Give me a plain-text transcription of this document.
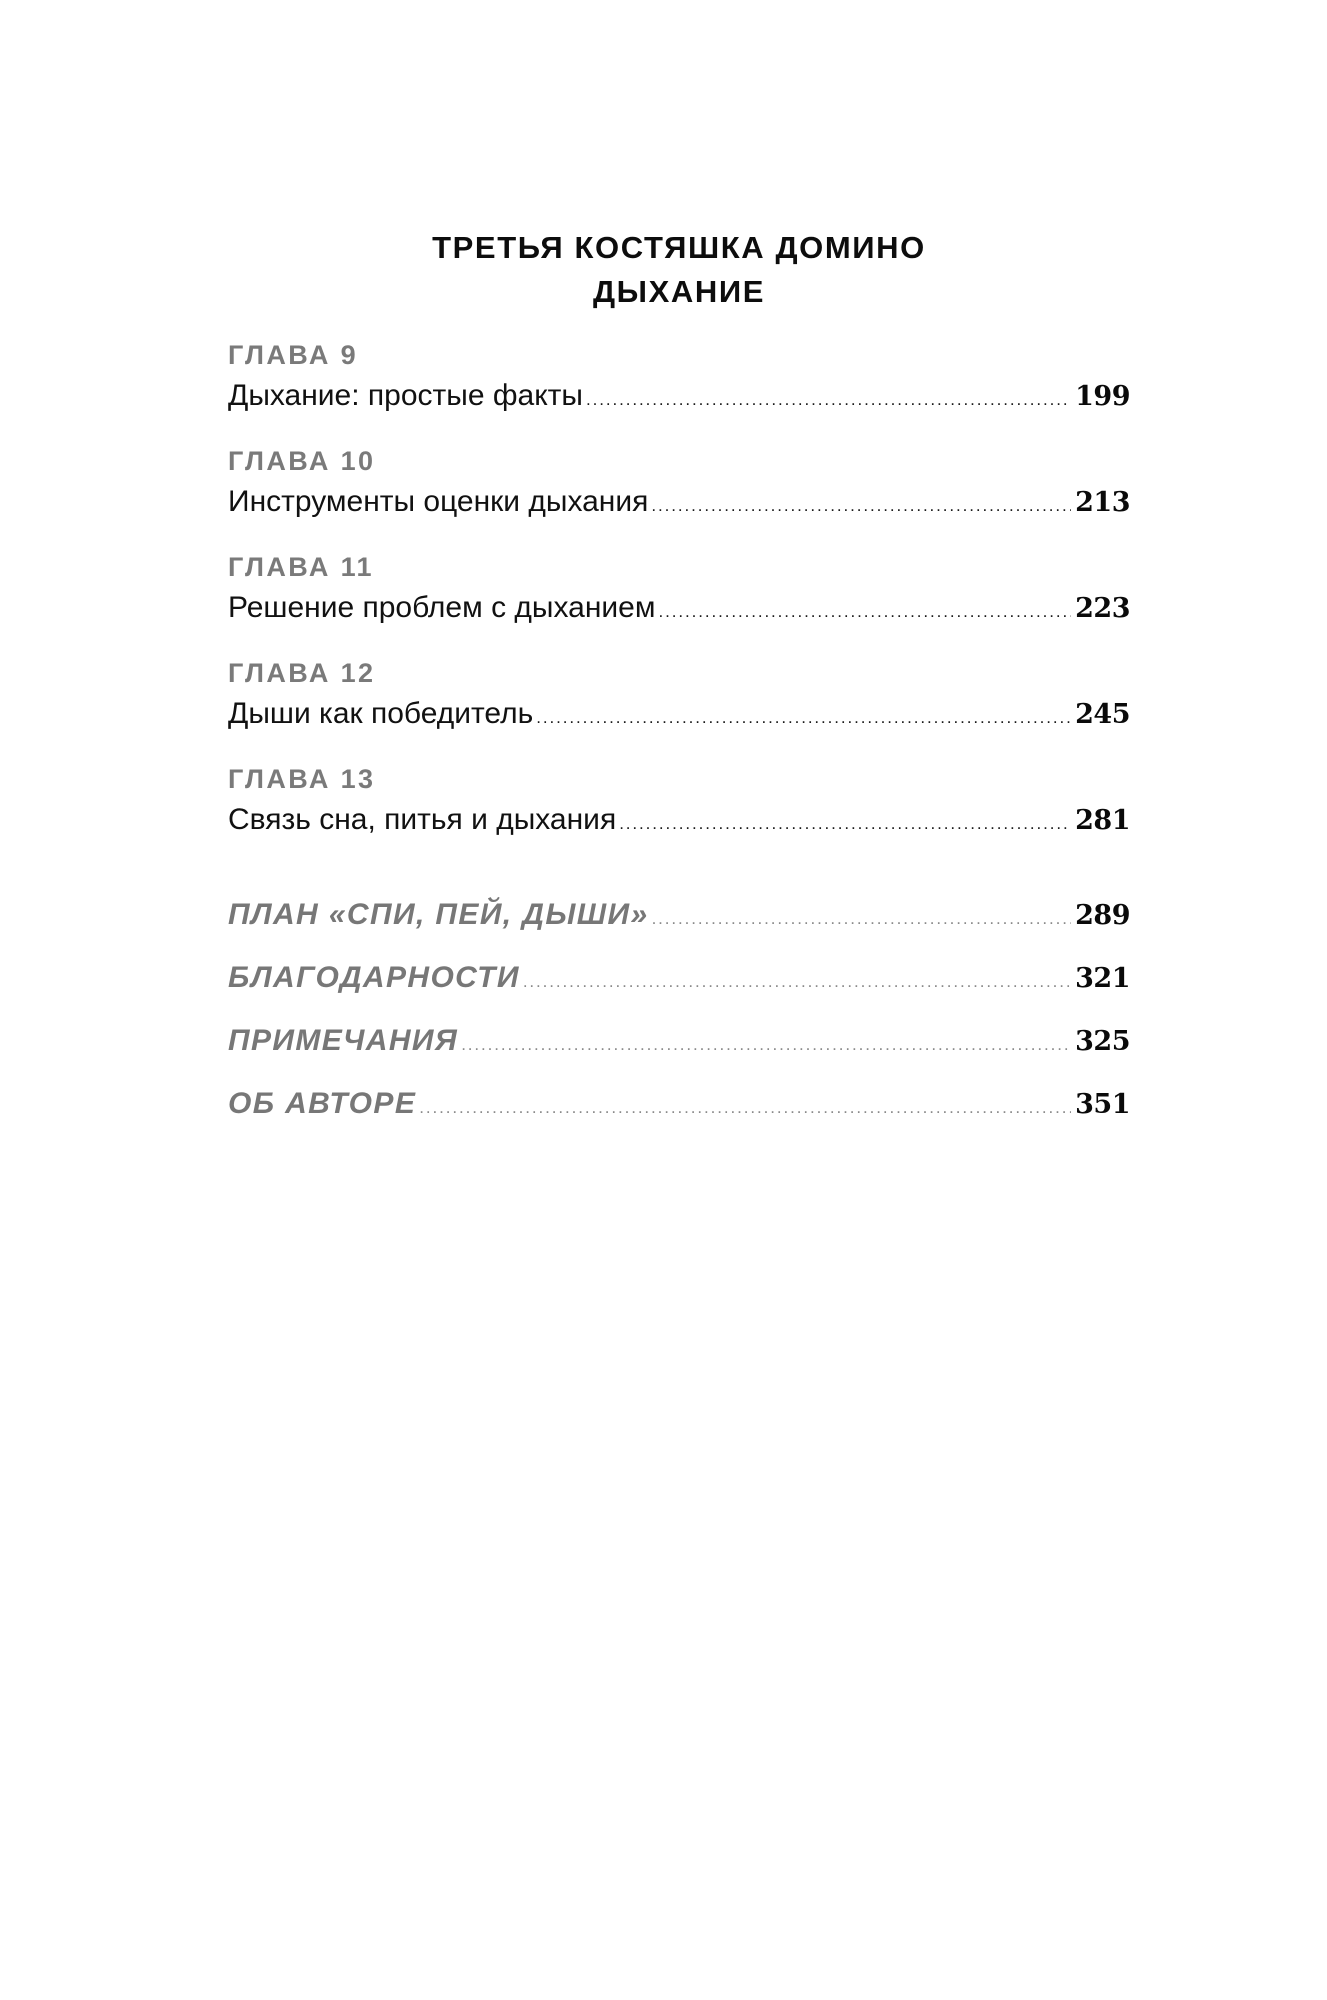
ТРЕТЬЯ КОСТЯШКА ДОМИНО
ДЫХАНИЕ
ГЛАВА 9
Дыхание: простые факты .....	199
ГЛАВА 10
Инструменты оценки дыхания .....	213
ГЛАВА 11
Решение проблем с дыханием .....	223
ГЛАВА 12
Дыши как победитель .....	245
ГЛАВА 13
Связь сна, питья и дыхания .....	281
ПЛАН «СПИ, ПЕЙ, ДЫШИ» .....	289
БЛАГОДАРНОСТИ .....	321
ПРИМЕЧАНИЯ .....	325
ОБ АВТОРЕ .....	351
